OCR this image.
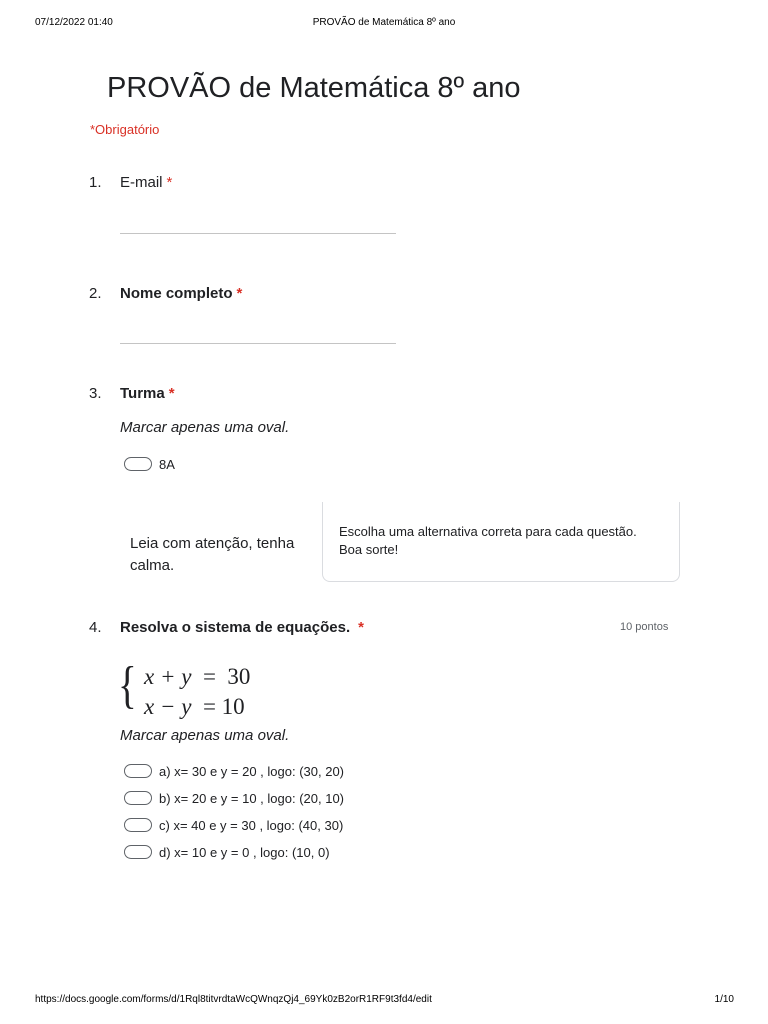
07/12/2022 01:40	PROVÃO de Matemática 8º ano
PROVÃO de Matemática 8º ano
*Obrigatório
1. E-mail *
2. Nome completo *
3. Turma *
Marcar apenas uma oval.
8A
Leia com atenção, tenha calma.
Escolha uma alternativa correta para cada questão.
Boa sorte!
4. Resolva o sistema de equações. *	10 pontos
{ x + y = 30
x − y = 10
Marcar apenas uma oval.
a) x= 30 e y = 20 , logo: (30, 20)
b) x= 20 e y = 10 , logo: (20, 10)
c) x= 40 e y = 30 , logo: (40, 30)
d) x= 10 e y = 0 , logo: (10, 0)
https://docs.google.com/forms/d/1Rql8titvrdtaWcQWnqzQj4_69Yk0zB2orR1RF9t3fd4/edit	1/10
